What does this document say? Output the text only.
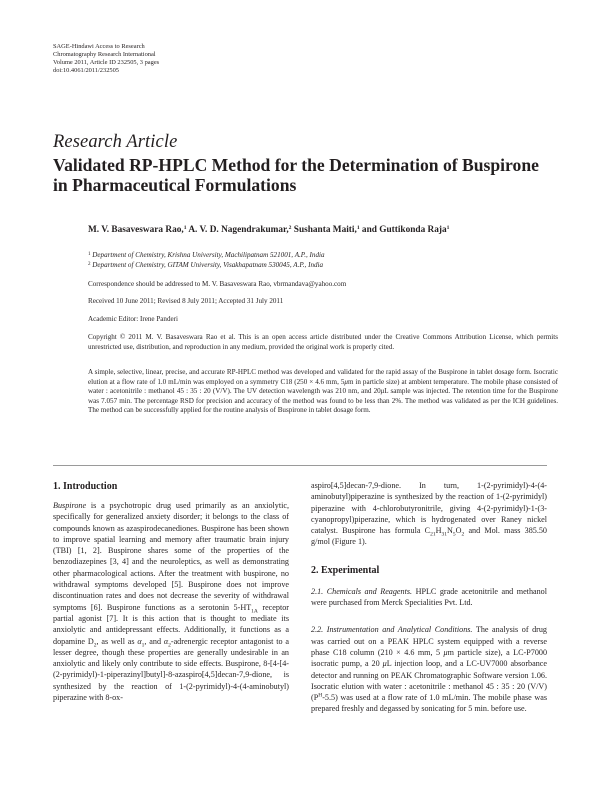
SAGE-Hindawi Access to Research
Chromatography Research International
Volume 2011, Article ID 232505, 3 pages
doi:10.4061/2011/232505
Research Article
Validated RP-HPLC Method for the Determination of Buspirone in Pharmaceutical Formulations
M. V. Basaveswara Rao,$^1$ A. V. D. Nagendrakumar,$^2$ Sushanta Maiti,$^1$ and Guttikonda Raja$^1$
$^1$ Department of Chemistry, Krishna University, Machilipatnam 521001, A.P., India
$^2$ Department of Chemistry, GITAM University, Visakhapatnam 530045, A.P., India
Correspondence should be addressed to M. V. Basaveswara Rao, vbrmandava@yahoo.com
Received 10 June 2011; Revised 8 July 2011; Accepted 31 July 2011
Academic Editor: Irene Panderi
Copyright © 2011 M. V. Basaveswara Rao et al. This is an open access article distributed under the Creative Commons Attribution License, which permits unrestricted use, distribution, and reproduction in any medium, provided the original work is properly cited.
A simple, selective, linear, precise, and accurate RP-HPLC method was developed and validated for the rapid assay of the Buspirone in tablet dosage form. Isocratic elution at a flow rate of 1.0 mL/min was employed on a symmetry C18 (250 × 4.6 mm, 5μm in particle size) at ambient temperature. The mobile phase consisted of water : acetonitrile : methanol 45 : 35 : 20 (V/V). The UV detection wavelength was 210 nm, and 20μL sample was injected. The retention time for the Buspirone was 7.057 min. The percentage RSD for precision and accuracy of the method was found to be less than 2%. The method was validated as per the ICH guidelines. The method can be successfully applied for the routine analysis of Buspirone in tablet dosage form.
1. Introduction

Buspirone is a psychotropic drug used primarily as an anxiolytic, specifically for generalized anxiety disorder; it belongs to the class of compounds known as azaspirodecanediones. Buspirone has been shown to improve spatial learning and memory after traumatic brain injury (TBI) [1, 2]. Buspirone shares some of the properties of the benzodiazepines [3, 4] and the neuroleptics, as well as demonstrating other pharmacological actions. After the treatment with buspirone, no withdrawal symptoms developed [5]. Buspirone does not improve discontinuation rates and does not decrease the severity of withdrawal symptoms [6]. Buspirone functions as a serotonin $5-HT_{1A}$ receptor partial agonist [7]. It is this action that is thought to mediate its anxiolytic and antidepressant effects. Additionally, it functions as a dopamine $D_2$, as well as $\alpha_1$, and $\alpha_2$-adrenergic receptor antagonist to a lesser degree, though these properties are generally undesirable in an anxiolytic and likely only contribute to side effects. Buspirone, 8-[4-[4-(2-pyrimidyl)-1-piperazinyl]butyl]-8-azaspiro[4,5]decan-7,9-dione, is synthesized by the reaction of 1-(2-pyrimidyl)-4-(4-aminobutyl) piperazine with 8-ox-

aspiro[4,5]decan-7,9-dione. In turn, 1-(2-pyrimidyl)-4-(4-aminobutyl)piperazine is synthesized by the reaction of 1-(2-pyrimidyl) piperazine with 4-chlorobutyronitrile, giving 4-(2-pyrimidyl)-1-(3-cyanopropyl)piperazine, which is hydrogenated over Raney nickel catalyst. Buspirone has formula $C_{21}H_{31}N_5O_2$ and Mol. mass 385.50 g/mol (Figure 1).

2. Experimental

2.1. Chemicals and Reagents. HPLC grade acetonitrile and methanol were purchased from Merck Specialities Pvt. Ltd.

2.2. Instrumentation and Analytical Conditions. The analysis of drug was carried out on a PEAK HPLC system equipped with a reverse phase C18 column (210 × 4.6 mm, 5 μm particle size), a LC-P7000 isocratic pump, a 20 μL injection loop, and a LC-UV7000 absorbance detector and running on PEAK Chromatographic Software version 1.06. Isocratic elution with water : acetonitrile : methanol 45 : 35 : 20 (V/V) $(P^H-5.5)$ was used at a flow rate of 1.0 mL/min. The mobile phase was prepared freshly and degassed by sonicating for 5 min. before use.
